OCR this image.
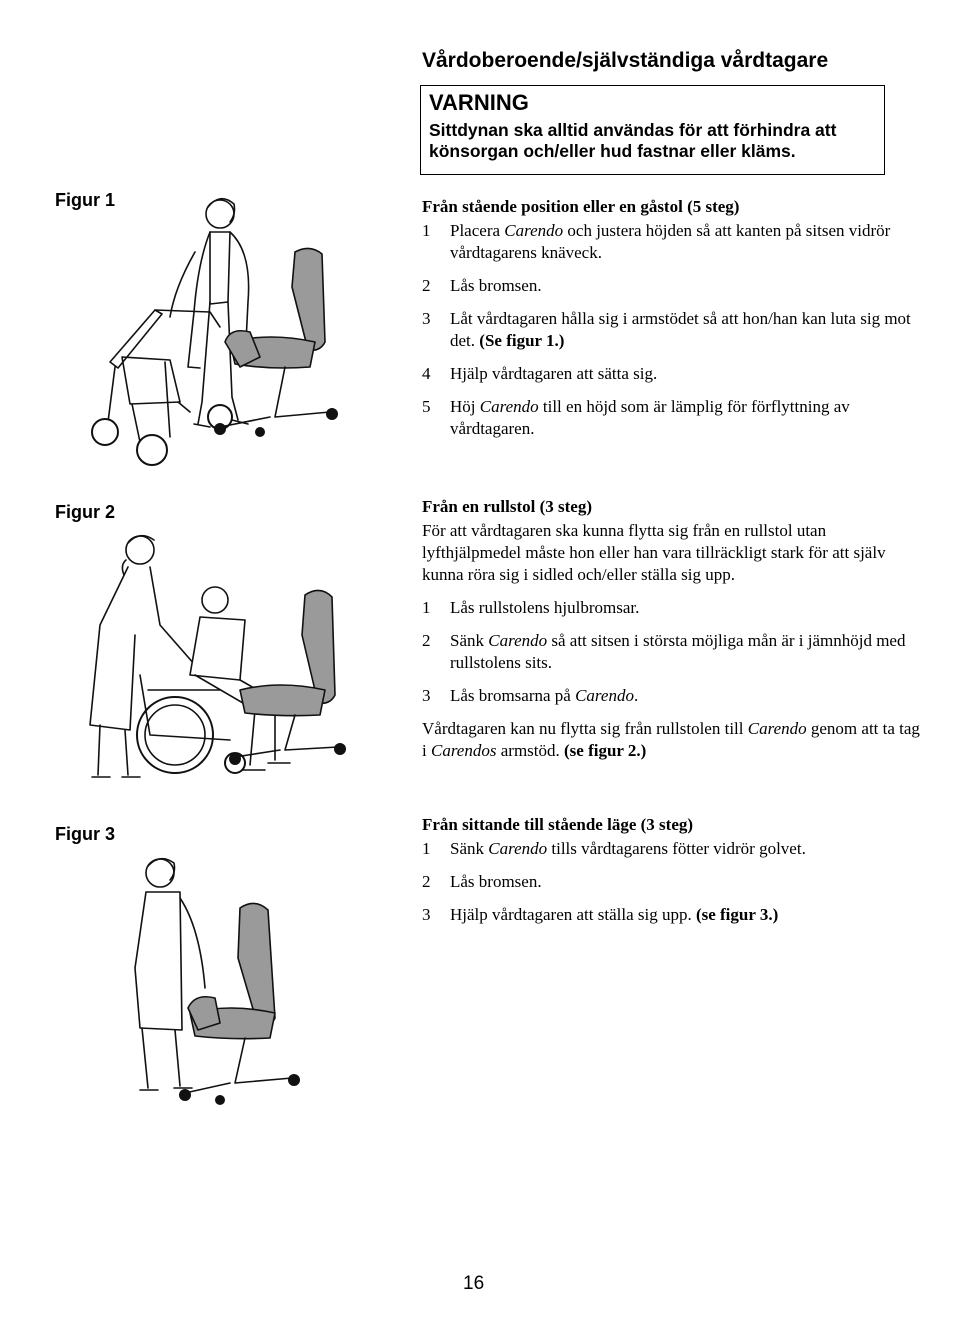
Vårdoberoende/självständiga vårdtagare
VARNING
Sittdynan ska alltid användas för att förhindra att könsorgan och/eller hud fastnar eller kläms.
Figur 1
Figur 2
Figur 3
Från stående position eller en gåstol (5 steg)
1	Placera Carendo och justera höjden så att kanten på sitsen vidrör vårdtagarens knäveck.
2	Lås bromsen.
3	Låt vårdtagaren hålla sig i armstödet så att hon/han kan luta sig mot det. (Se figur 1.)
4	Hjälp vårdtagaren att sätta sig.
5	Höj Carendo till en höjd som är lämplig för förflyttning av vårdtagaren.
Från en rullstol (3 steg)
För att vårdtagaren ska kunna flytta sig från en rullstol utan lyfthjälpmedel måste hon eller han vara tillräckligt stark för att själv kunna röra sig i sidled och/eller ställa sig upp.
1	Lås rullstolens hjulbromsar.
2	Sänk Carendo så att sitsen i största möjliga mån är i jämnhöjd med rullstolens sits.
3	Lås bromsarna på Carendo.
Vårdtagaren kan nu flytta sig från rullstolen till Carendo genom att ta tag i Carendos armstöd. (se figur 2.)
Från sittande till stående läge (3 steg)
1	Sänk Carendo tills vårdtagarens fötter vidrör golvet.
2	Lås bromsen.
3	Hjälp vårdtagaren att ställa sig upp. (se figur 3.)
16
